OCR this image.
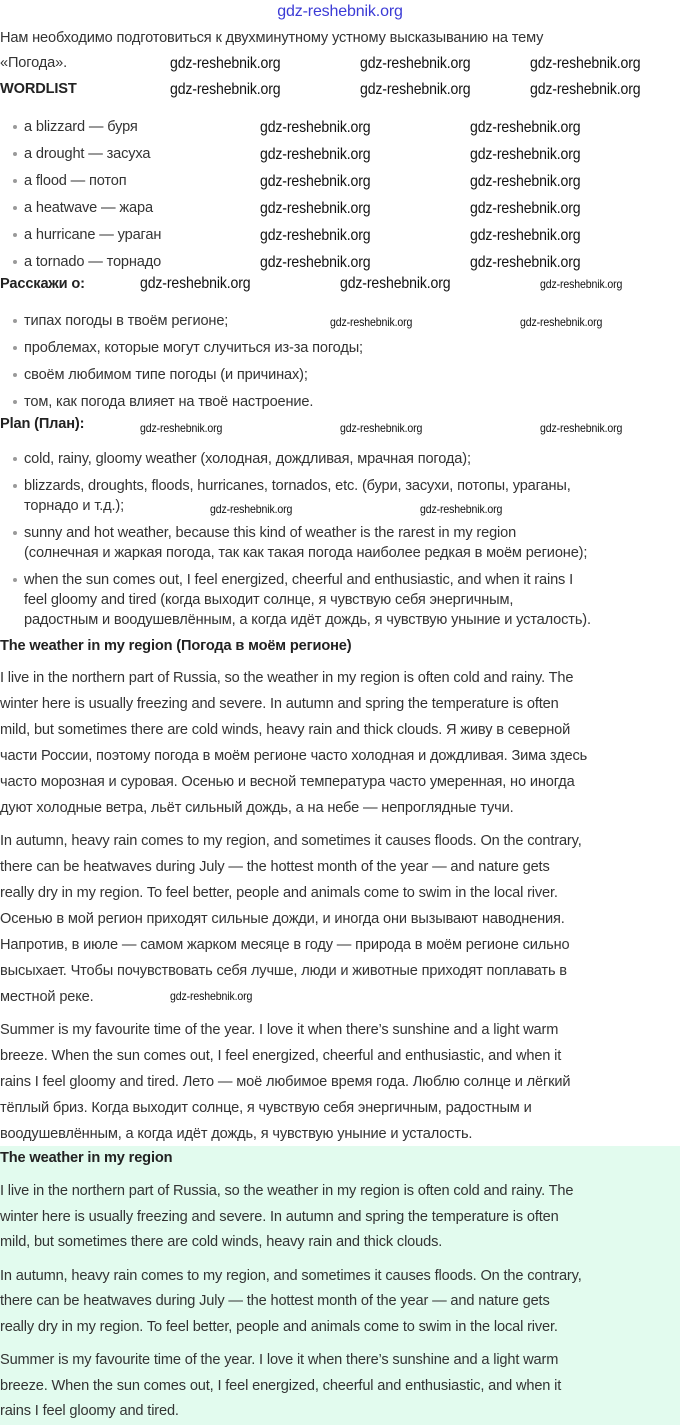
gdz-reshebnik.org
Нам необходимо подготовиться к двухминутному устному высказыванию на тему
«Погода».
WORDLIST
a blizzard — буря
a drought — засуха
a flood — потоп
a heatwave — жара
a hurricane — ураган
a tornado — торнадо
Расскажи о:
типах погоды в твоём регионе;
проблемах, которые могут случиться из-за погоды;
своём любимом типе погоды (и причинах);
том, как погода влияет на твоё настроение.
Plan (План):
cold, rainy, gloomy weather (холодная, дождливая, мрачная погода);
blizzards, droughts, floods, hurricanes, tornados, etc. (бури, засухи, потопы, ураганы,
торнадо и т.д.);
sunny and hot weather, because this kind of weather is the rarest in my region
(солнечная и жаркая погода, так как такая погода наиболее редкая в моём регионе);
when the sun comes out, I feel energized, cheerful and enthusiastic, and when it rains I
feel gloomy and tired (когда выходит солнце, я чувствую себя энергичным,
радостным и воодушевлённым, а когда идёт дождь, я чувствую уныние и усталость).
The weather in my region (Погода в моём регионе)
I live in the northern part of Russia, so the weather in my region is often cold and rainy. The
winter here is usually freezing and severe. In autumn and spring the temperature is often
mild, but sometimes there are cold winds, heavy rain and thick clouds. Я живу в северной
части России, поэтому погода в моём регионе часто холодная и дождливая. Зима здесь
часто морозная и суровая. Осенью и весной температура часто умеренная, но иногда
дуют холодные ветра, льёт сильный дождь, а на небе — непроглядные тучи.
In autumn, heavy rain comes to my region, and sometimes it causes floods. On the contrary,
there can be heatwaves during July — the hottest month of the year — and nature gets
really dry in my region. To feel better, people and animals come to swim in the local river.
Осенью в мой регион приходят сильные дожди, и иногда они вызывают наводнения.
Напротив, в июле — самом жарком месяце в году — природа в моём регионе сильно
высыхает. Чтобы почувствовать себя лучше, люди и животные приходят поплавать в
местной реке.
Summer is my favourite time of the year. I love it when there’s sunshine and a light warm
breeze. When the sun comes out, I feel energized, cheerful and enthusiastic, and when it
rains I feel gloomy and tired. Лето — моё любимое время года. Люблю солнце и лёгкий
тёплый бриз. Когда выходит солнце, я чувствую себя энергичным, радостным и
воодушевлённым, а когда идёт дождь, я чувствую уныние и усталость.
The weather in my region
I live in the northern part of Russia, so the weather in my region is often cold and rainy. The
winter here is usually freezing and severe. In autumn and spring the temperature is often
mild, but sometimes there are cold winds, heavy rain and thick clouds.
In autumn, heavy rain comes to my region, and sometimes it causes floods. On the contrary,
there can be heatwaves during July — the hottest month of the year — and nature gets
really dry in my region. To feel better, people and animals come to swim in the local river.
Summer is my favourite time of the year. I love it when there’s sunshine and a light warm
breeze. When the sun comes out, I feel energized, cheerful and enthusiastic, and when it
rains I feel gloomy and tired.
gdz-reshebnik.org	gdz-reshebnik.org	gdz-reshebnik.org
gdz-reshebnik.org	gdz-reshebnik.org	gdz-reshebnik.org
gdz-reshebnik.org	gdz-reshebnik.org
gdz-reshebnik.org	gdz-reshebnik.org
gdz-reshebnik.org	gdz-reshebnik.org
gdz-reshebnik.org	gdz-reshebnik.org
gdz-reshebnik.org	gdz-reshebnik.org
gdz-reshebnik.org	gdz-reshebnik.org
gdz-reshebnik.org	gdz-reshebnik.org	gdz-reshebnik.org
gdz-reshebnik.org	gdz-reshebnik.org
gdz-reshebnik.org	gdz-reshebnik.org	gdz-reshebnik.org
gdz-reshebnik.org	gdz-reshebnik.org
gdz-reshebnik.org
